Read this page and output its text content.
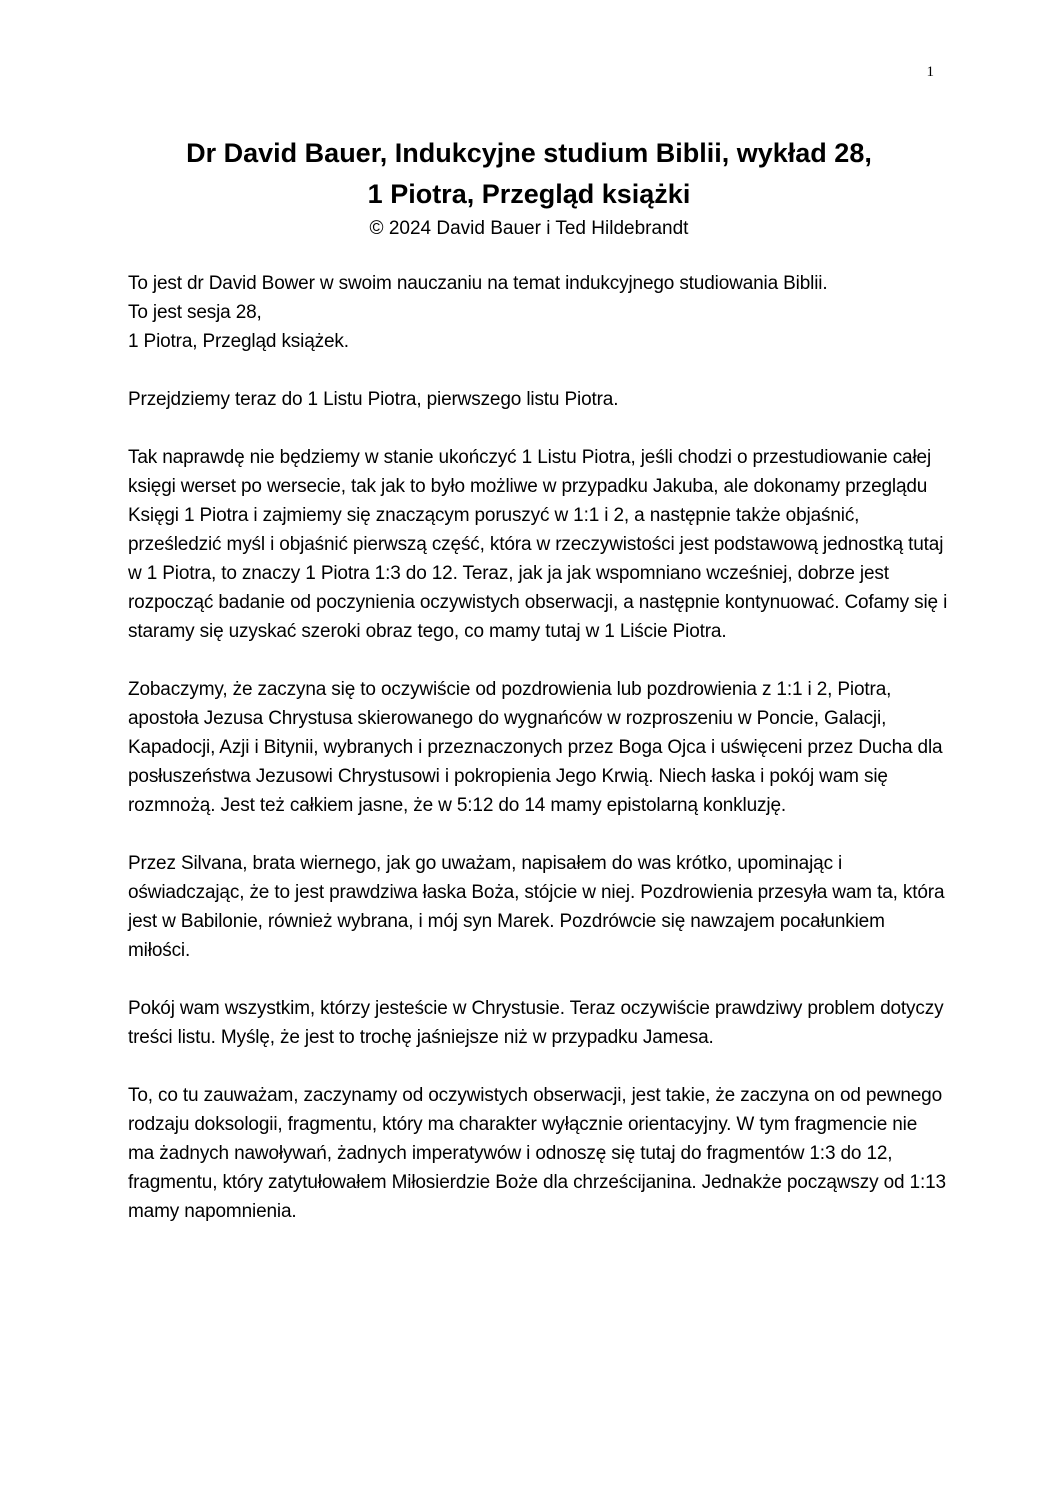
1
Dr David Bauer, Indukcyjne studium Biblii, wykład 28,
1 Piotra, Przegląd książki

© 2024 David Bauer i Ted Hildebrandt

To jest dr David Bower w swoim nauczaniu na temat indukcyjnego studiowania Biblii.
To jest sesja 28,
1 Piotra, Przegląd książek.

Przejdziemy teraz do 1 Listu Piotra, pierwszego listu Piotra.

Tak naprawdę nie będziemy w stanie ukończyć 1 Listu Piotra, jeśli chodzi o przestudiowanie całej księgi werset po wersecie, tak jak to było możliwe w przypadku Jakuba, ale dokonamy przeglądu Księgi 1 Piotra i zajmiemy się znaczącym poruszyć w 1:1 i 2, a następnie także objaśnić, prześledzić myśl i objaśnić pierwszą część, która w rzeczywistości jest podstawową jednostką tutaj w 1 Piotra, to znaczy 1 Piotra 1:3 do 12. Teraz, jak ja jak wspomniano wcześniej, dobrze jest rozpocząć badanie od poczynienia oczywistych obserwacji, a następnie kontynuować. Cofamy się i staramy się uzyskać szeroki obraz tego, co mamy tutaj w 1 Liście Piotra.

Zobaczymy, że zaczyna się to oczywiście od pozdrowienia lub pozdrowienia z 1:1 i 2, Piotra, apostoła Jezusa Chrystusa skierowanego do wygnańców w rozproszeniu w Poncie, Galacji, Kapadocji, Azji i Bitynii, wybranych i przeznaczonych przez Boga Ojca i uświęceni przez Ducha dla posłuszeństwa Jezusowi Chrystusowi i pokropienia Jego Krwią. Niech łaska i pokój wam się rozmnożą. Jest też całkiem jasne, że w 5:12 do 14 mamy epistolarną konkluzję.

Przez Silvana, brata wiernego, jak go uważam, napisałem do was krótko, upominając i oświadczając, że to jest prawdziwa łaska Boża, stójcie w niej. Pozdrowienia przesyła wam ta, która jest w Babilonie, również wybrana, i mój syn Marek. Pozdrówcie się nawzajem pocałunkiem miłości.

Pokój wam wszystkim, którzy jesteście w Chrystusie. Teraz oczywiście prawdziwy problem dotyczy treści listu. Myślę, że jest to trochę jaśniejsze niż w przypadku Jamesa.

To, co tu zauważam, zaczynamy od oczywistych obserwacji, jest takie, że zaczyna on od pewnego rodzaju doksologii, fragmentu, który ma charakter wyłącznie orientacyjny. W tym fragmencie nie ma żadnych nawoływań, żadnych imperatywów i odnoszę się tutaj do fragmentów 1:3 do 12, fragmentu, który zatytułowałem Miłosierdzie Boże dla chrześcijanina. Jednakże począwszy od 1:13 mamy napomnienia.
